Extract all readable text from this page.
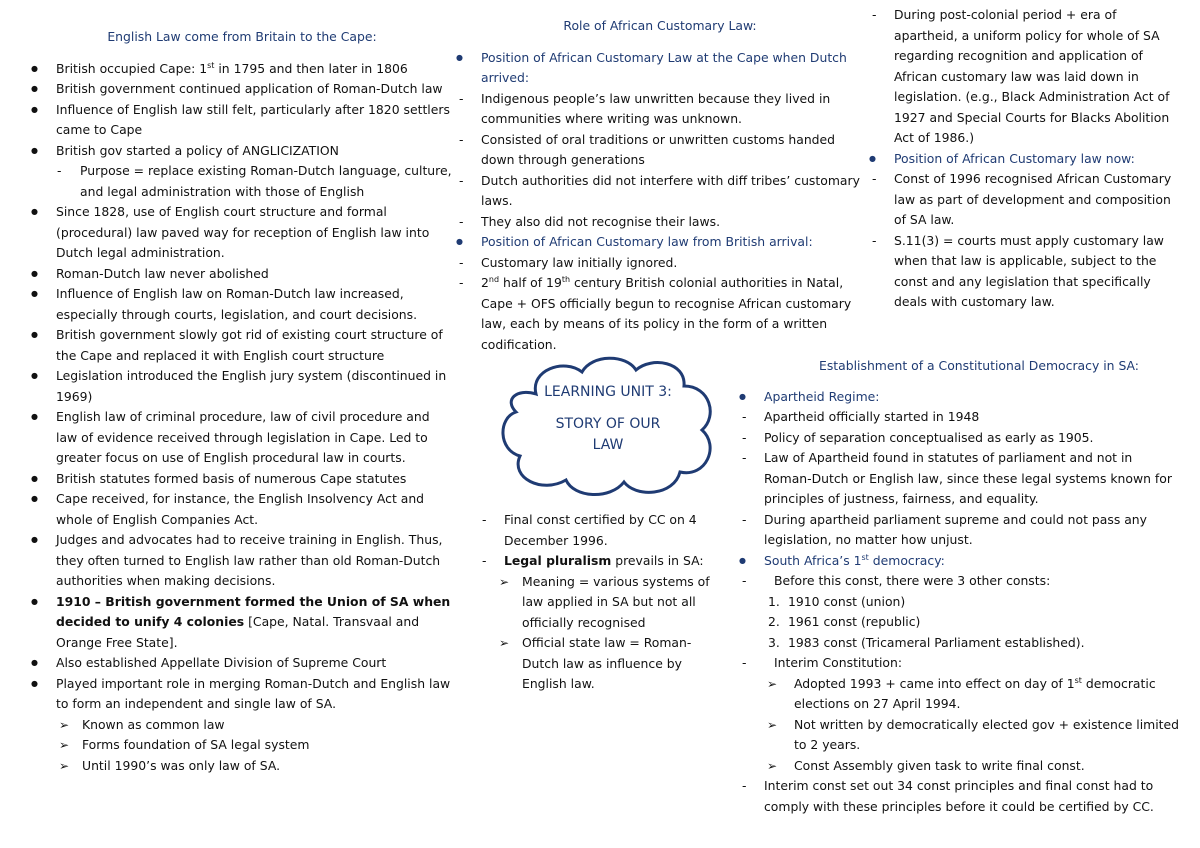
English Law come from Britain to the Cape:

● British occupied Cape: 1st in 1795 and then later in 1806
● British government continued application of Roman-Dutch law
● Influence of English law still felt, particularly after 1820 settlers came to Cape
● British gov started a policy of ANGLICIZATION
- Purpose = replace existing Roman-Dutch language, culture, and legal administration with those of English
● Since 1828, use of English court structure and formal (procedural) law paved way for reception of English law into Dutch legal administration.
● Roman-Dutch law never abolished
● Influence of English law on Roman-Dutch law increased, especially through courts, legislation, and court decisions.
● British government slowly got rid of existing court structure of the Cape and replaced it with English court structure
● Legislation introduced the English jury system (discontinued in 1969)
● English law of criminal procedure, law of civil procedure and law of evidence received through legislation in Cape. Led to greater focus on use of English procedural law in courts.
● British statutes formed basis of numerous Cape statutes
● Cape received, for instance, the English Insolvency Act and whole of English Companies Act.
● Judges and advocates had to receive training in English. Thus, they often turned to English law rather than old Roman-Dutch authorities when making decisions.
● 1910 – British government formed the Union of SA when decided to unify 4 colonies [Cape, Natal. Transvaal and Orange Free State].
● Also established Appellate Division of Supreme Court
● Played important role in merging Roman-Dutch and English law to form an independent and single law of SA.
➢ Known as common law
➢ Forms foundation of SA legal system
➢ Until 1990’s was only law of SA.

Role of African Customary Law:

● Position of African Customary Law at the Cape when Dutch arrived:
- Indigenous people’s law unwritten because they lived in communities where writing was unknown.
- Consisted of oral traditions or unwritten customs handed down through generations
- Dutch authorities did not interfere with diff tribes’ customary laws.
- They also did not recognise their laws.
● Position of African Customary law from British arrival:
- Customary law initially ignored.
- 2nd half of 19th century British colonial authorities in Natal, Cape + OFS officially begun to recognise African customary law, each by means of its policy in the form of a written codification.
LEARNING UNIT 3:
STORY OF OUR LAW
- Final const certified by CC on 4 December 1996.
- Legal pluralism prevails in SA:
➢ Meaning = various systems of law applied in SA but not all officially recognised
➢ Official state law = Roman-Dutch law as influence by English law.
- During post-colonial period + era of apartheid, a uniform policy for whole of SA regarding recognition and application of African customary law was laid down in legislation. (e.g., Black Administration Act of 1927 and Special Courts for Blacks Abolition Act of 1986.)
● Position of African Customary law now:
- Const of 1996 recognised African Customary law as part of development and composition of SA law.
- S.11(3) = courts must apply customary law when that law is applicable, subject to the const and any legislation that specifically deals with customary law.

Establishment of a Constitutional Democracy in SA:

● Apartheid Regime:
- Apartheid officially started in 1948
- Policy of separation conceptualised as early as 1905.
- Law of Apartheid found in statutes of parliament and not in Roman-Dutch or English law, since these legal systems known for principles of justness, fairness, and equality.
- During apartheid parliament supreme and could not pass any legislation, no matter how unjust.
● South Africa’s 1st democracy:
- Before this const, there were 3 other consts:
1. 1910 const (union)
2. 1961 const (republic)
3. 1983 const (Tricameral Parliament established).
- Interim Constitution:
➢ Adopted 1993 + came into effect on day of 1st democratic elections on 27 April 1994.
➢ Not written by democratically elected gov + existence limited to 2 years.
➢ Const Assembly given task to write final const.
- Interim const set out 34 const principles and final const had to comply with these principles before it could be certified by CC.
